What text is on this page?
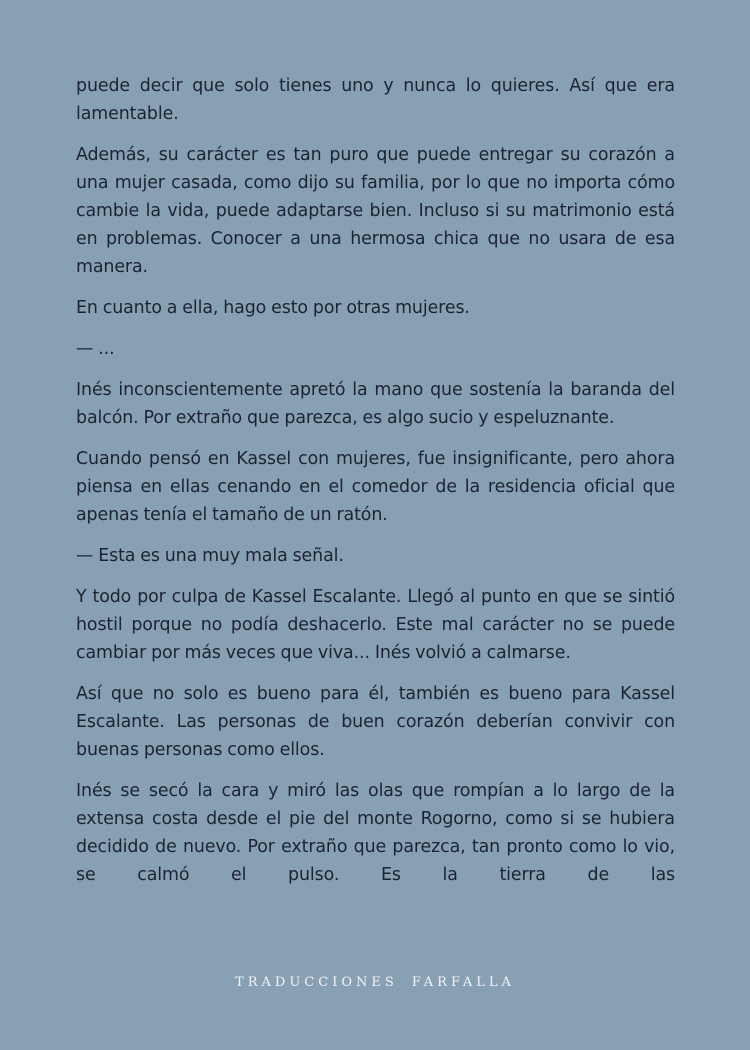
puede decir que solo tienes uno y nunca lo quieres. Así que era lamentable.

Además, su carácter es tan puro que puede entregar su corazón a una mujer casada, como dijo su familia, por lo que no importa cómo cambie la vida, puede adaptarse bien. Incluso si su matrimonio está en problemas. Conocer a una hermosa chica que no usara de esa manera.

En cuanto a ella, hago esto por otras mujeres.

— ...

Inés inconscientemente apretó la mano que sostenía la baranda del balcón. Por extraño que parezca, es algo sucio y espeluznante.

Cuando pensó en Kassel con mujeres, fue insignificante, pero ahora piensa en ellas cenando en el comedor de la residencia oficial que apenas tenía el tamaño de un ratón.

— Esta es una muy mala señal.

Y todo por culpa de Kassel Escalante. Llegó al punto en que se sintió hostil porque no podía deshacerlo. Este mal carácter no se puede cambiar por más veces que viva... Inés volvió a calmarse.

Así que no solo es bueno para él, también es bueno para Kassel Escalante. Las personas de buen corazón deberían convivir con buenas personas como ellos.

Inés se secó la cara y miró las olas que rompían a lo largo de la extensa costa desde el pie del monte Rogorno, como si se hubiera decidido de nuevo. Por extraño que parezca, tan pronto como lo vio, se calmó el pulso. Es la tierra de las

TRADUCCIONES FARFALLA
